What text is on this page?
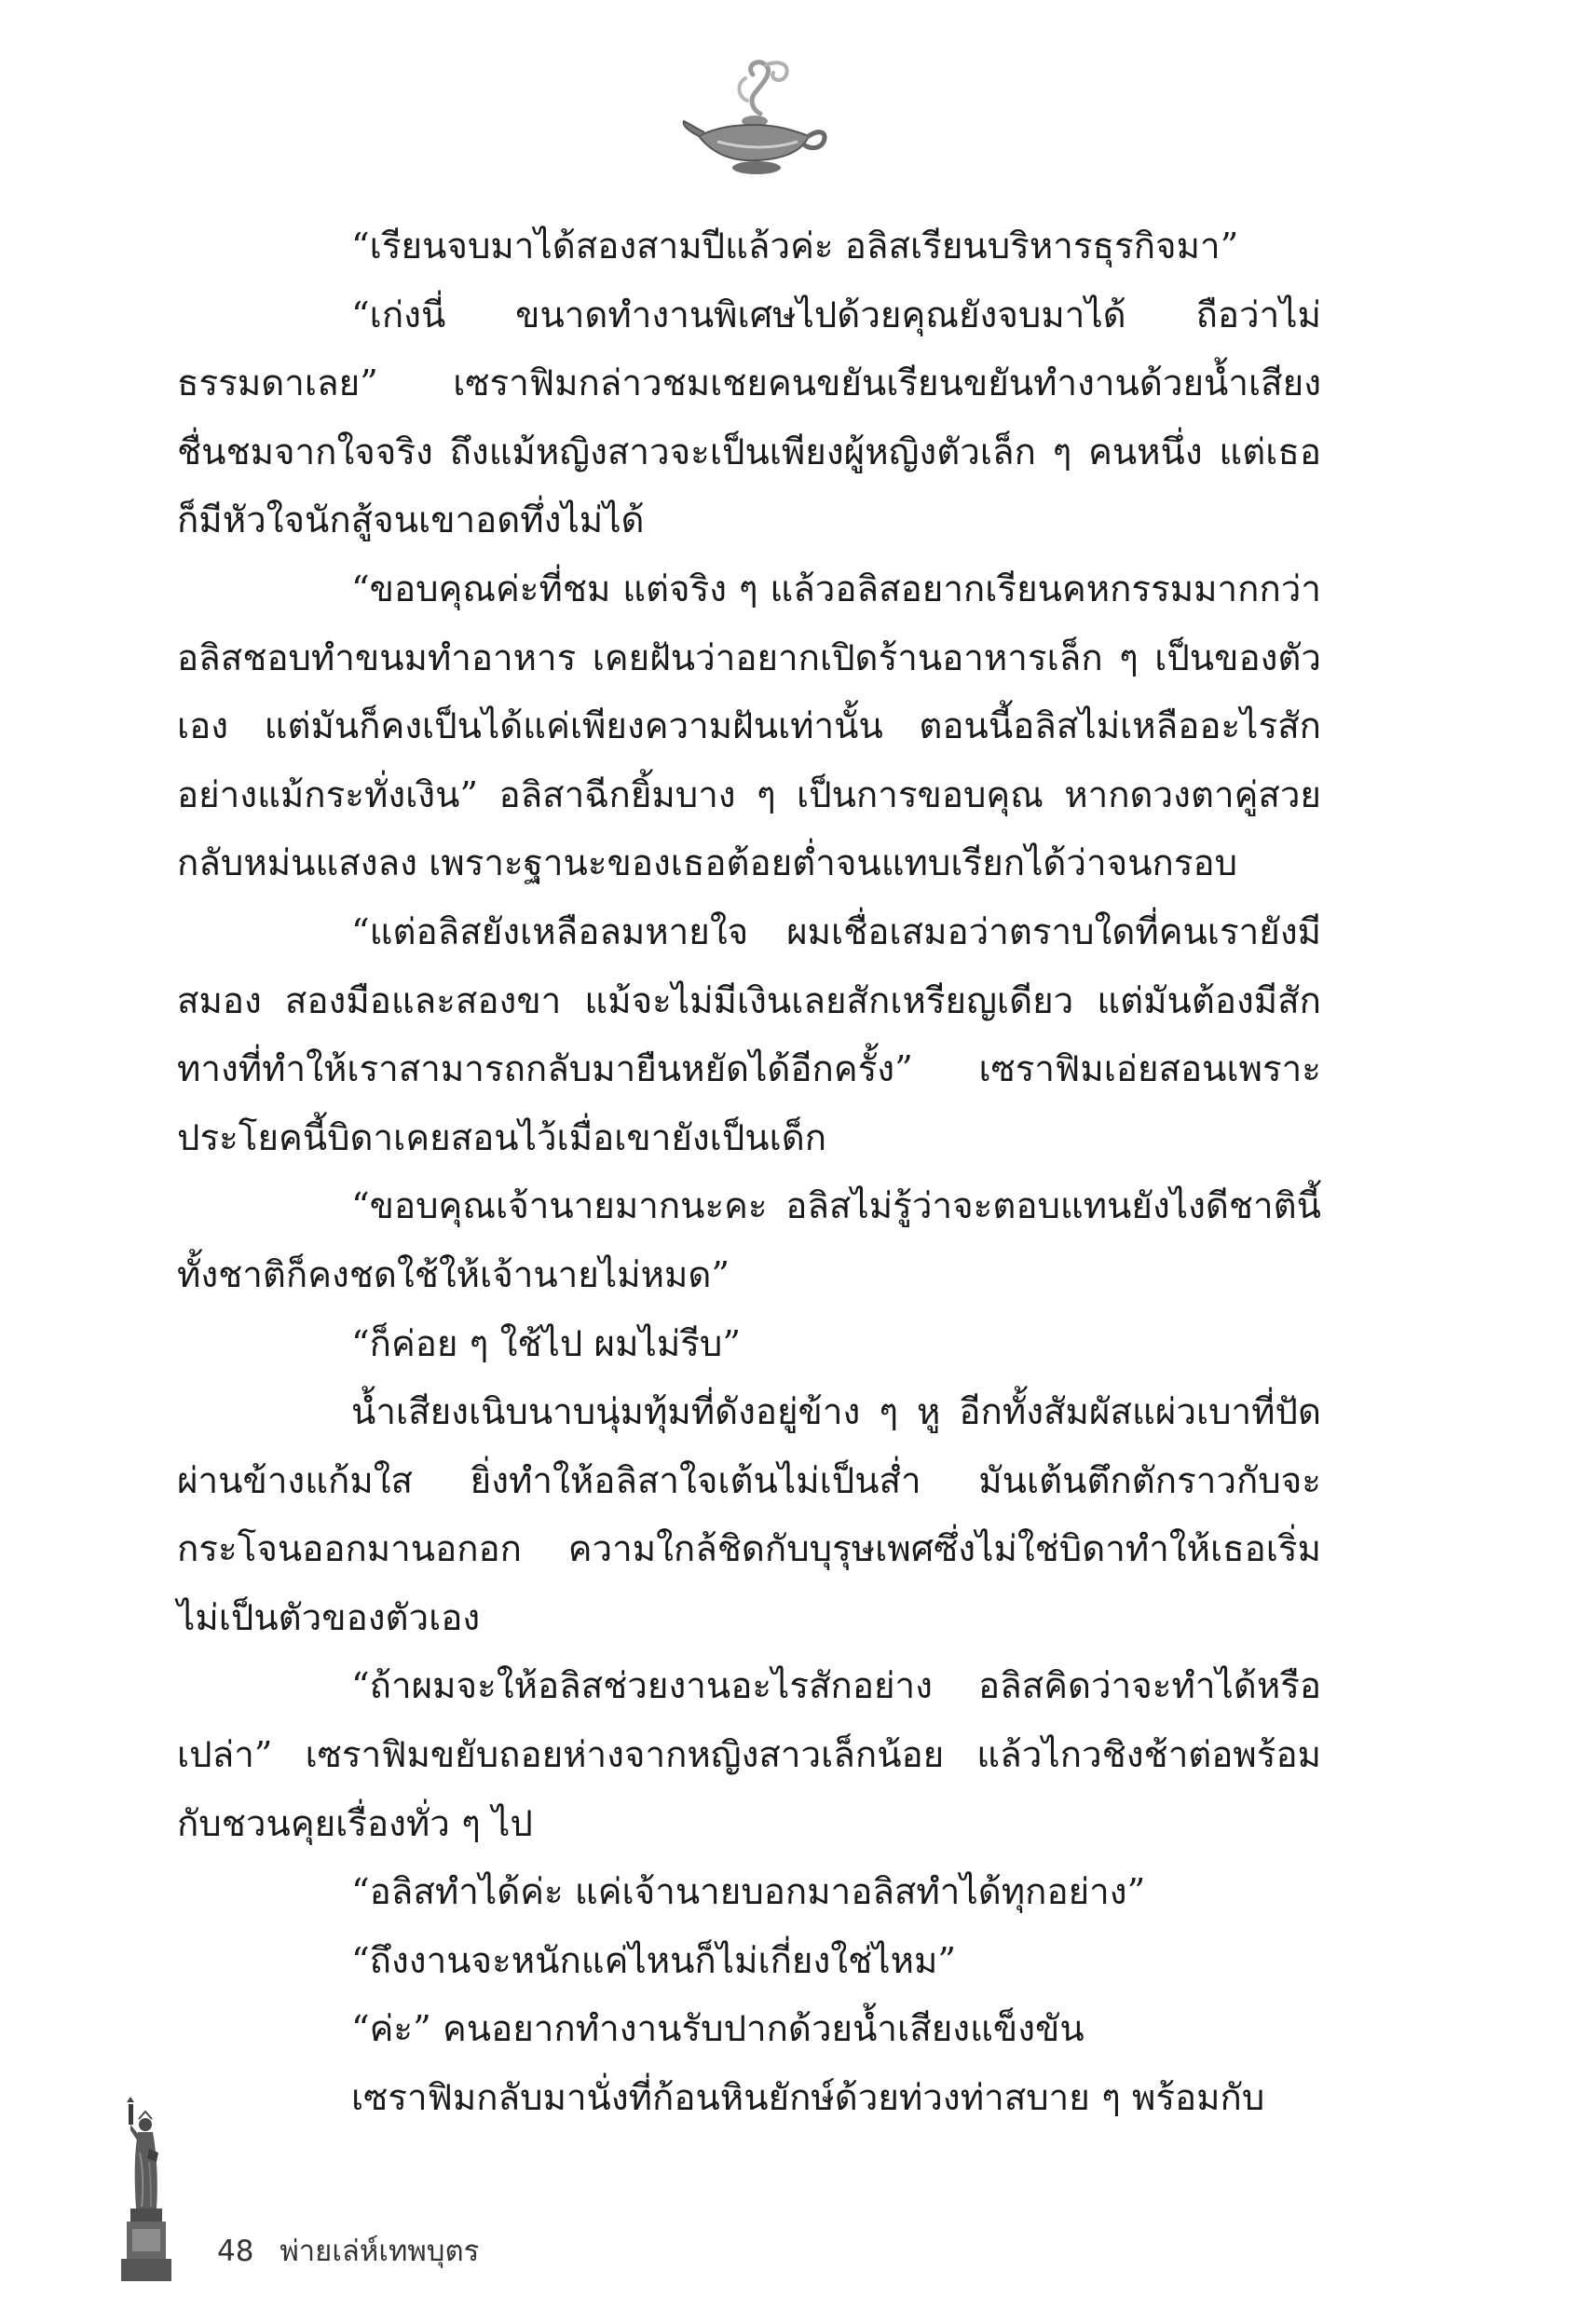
“เรียนจบมาได้สองสามปีแล้วค่ะ อลิสเรียนบริหารธุรกิจมา”

“เก่งนี่ ขนาดทำงานพิเศษไปด้วยคุณยังจบมาได้ ถือว่าไม่ธรรมดาเลย” เซราฟิมกล่าวชมเชยคนขยันเรียนขยันทำงานด้วยน้ำเสียงชื่นชมจากใจจริง ถึงแม้หญิงสาวจะเป็นเพียงผู้หญิงตัวเล็ก ๆ คนหนึ่ง แต่เธอก็มีหัวใจนักสู้จนเขาอดทึ่งไม่ได้

“ขอบคุณค่ะที่ชม แต่จริง ๆ แล้วอลิสอยากเรียนคหกรรมมากกว่าอลิสชอบทำขนมทำอาหาร เคยฝันว่าอยากเปิดร้านอาหารเล็ก ๆ เป็นของตัวเอง แต่มันก็คงเป็นได้แค่เพียงความฝันเท่านั้น ตอนนี้อลิสไม่เหลืออะไรสักอย่างแม้กระทั่งเงิน” อลิสาฉีกยิ้มบาง ๆ เป็นการขอบคุณ หากดวงตาคู่สวยกลับหม่นแสงลง เพราะฐานะของเธอต้อยต่ำจนแทบเรียกได้ว่าจนกรอบ

“แต่อลิสยังเหลือลมหายใจ ผมเชื่อเสมอว่าตราบใดที่คนเรายังมีสมอง สองมือและสองขา แม้จะไม่มีเงินเลยสักเหรียญเดียว แต่มันต้องมีสักทางที่ทำให้เราสามารถกลับมายืนหยัดได้อีกครั้ง” เซราฟิมเอ่ยสอนเพราะประโยคนี้บิดาเคยสอนไว้เมื่อเขายังเป็นเด็ก

“ขอบคุณเจ้านายมากนะคะ อลิสไม่รู้ว่าจะตอบแทนยังไงดีชาตินี้ทั้งชาติก็คงชดใช้ให้เจ้านายไม่หมด”

“ก็ค่อย ๆ ใช้ไป ผมไม่รีบ”

น้ำเสียงเนิบนาบนุ่มทุ้มที่ดังอยู่ข้าง ๆ หู อีกทั้งสัมผัสแผ่วเบาที่ปัดผ่านข้างแก้มใส ยิ่งทำให้อลิสาใจเต้นไม่เป็นส่ำ มันเต้นตึกตักราวกับจะกระโจนออกมานอกอก ความใกล้ชิดกับบุรุษเพศซึ่งไม่ใช่บิดาทำให้เธอเริ่มไม่เป็นตัวของตัวเอง

“ถ้าผมจะให้อลิสช่วยงานอะไรสักอย่าง อลิสคิดว่าจะทำได้หรือเปล่า” เซราฟิมขยับถอยห่างจากหญิงสาวเล็กน้อย แล้วไกวชิงช้าต่อพร้อมกับชวนคุยเรื่องทั่ว ๆ ไป

“อลิสทำได้ค่ะ แค่เจ้านายบอกมาอลิสทำได้ทุกอย่าง”

“ถึงงานจะหนักแค่ไหนก็ไม่เกี่ยงใช่ไหม”

“ค่ะ” คนอยากทำงานรับปากด้วยน้ำเสียงแข็งขัน

เซราฟิมกลับมานั่งที่ก้อนหินยักษ์ด้วยท่วงท่าสบาย ๆ พร้อมกับ

48 พ่ายเล่ห์เทพบุตร
